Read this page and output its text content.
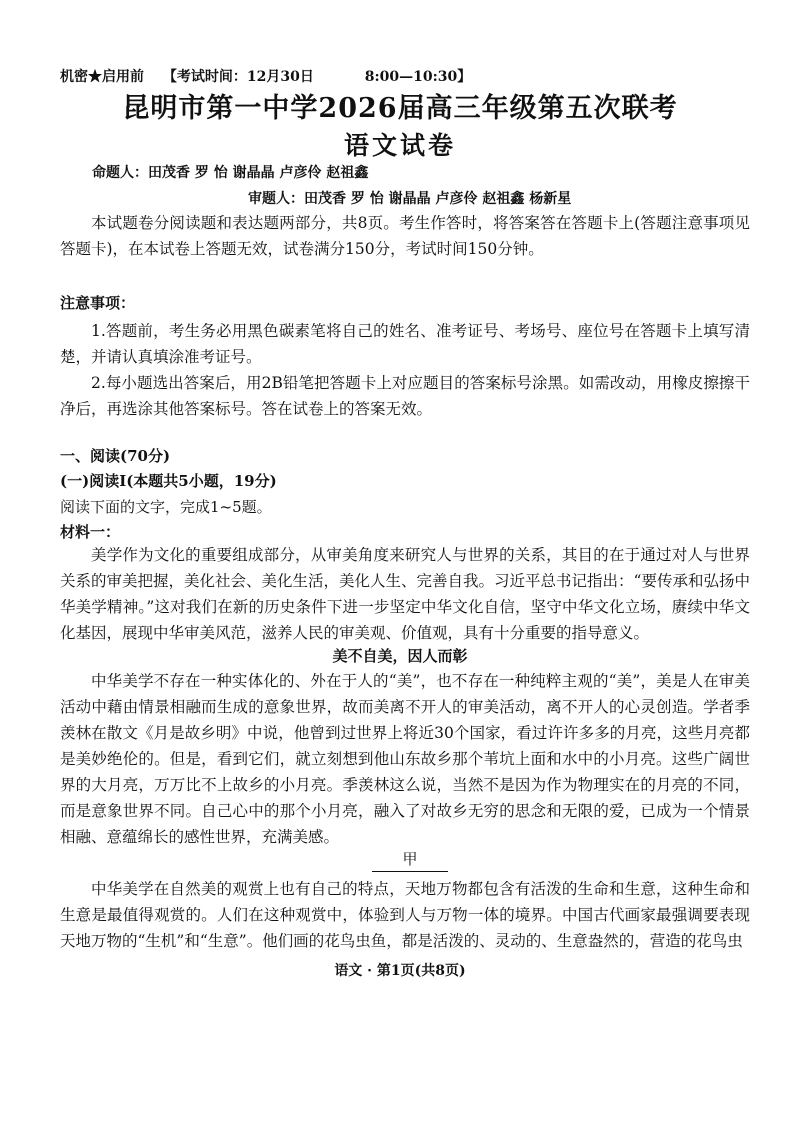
机密★启用前 【考试时间：12月30日	8:00—10:30】
昆明市第一中学2026届高三年级第五次联考
语文试卷
命题人：田茂香 罗 怡 谢晶晶 卢彦伶 赵祖鑫
审题人：田茂香 罗 怡 谢晶晶 卢彦伶 赵祖鑫 杨新星
本试题卷分阅读题和表达题两部分，共8页。考生作答时，将答案答在答题卡上(答题注意事项见答题卡)，在本试卷上答题无效，试卷满分150分，考试时间150分钟。
注意事项：
1.答题前，考生务必用黑色碳素笔将自己的姓名、准考证号、考场号、座位号在答题卡上填写清楚，并请认真填涂准考证号。
2.每小题选出答案后，用2B铅笔把答题卡上对应题目的答案标号涂黑。如需改动，用橡皮擦擦干净后，再选涂其他答案标号。答在试卷上的答案无效。
一、阅读(70分)
(一)阅读Ⅰ(本题共5小题，19分)
阅读下面的文字，完成1~5题。
材料一：
美学作为文化的重要组成部分，从审美角度来研究人与世界的关系，其目的在于通过对人与世界关系的审美把握，美化社会、美化生活，美化人生、完善自我。习近平总书记指出：“要传承和弘扬中华美学精神。”这对我们在新的历史条件下进一步坚定中华文化自信，坚守中华文化立场，赓续中华文化基因，展现中华审美风范，滋养人民的审美观、价值观，具有十分重要的指导意义。
美不自美，因人而彰
中华美学不存在一种实体化的、外在于人的“美”，也不存在一种纯粹主观的“美”，美是人在审美活动中藉由情景相融而生成的意象世界，故而美离不开人的审美活动，离不开人的心灵创造。学者季羡林在散文《月是故乡明》中说，他曾到过世界上将近30个国家，看过许许多多的月亮，这些月亮都是美妙绝伦的。但是，看到它们，就立刻想到他山东故乡那个苇坑上面和水中的小月亮。这些广阔世界的大月亮，万万比不上故乡的小月亮。季羡林这么说，当然不是因为作为物理实在的月亮的不同，而是意象世界不同。自己心中的那个小月亮，融入了对故乡无穷的思念和无限的爱，已成为一个情景相融、意蕴绵长的感性世界，充满美感。
甲
中华美学在自然美的观赏上也有自己的特点，天地万物都包含有活泼的生命和生意，这种生命和生意是最值得观赏的。人们在这种观赏中，体验到人与万物一体的境界。中国古代画家最强调要表现天地万物的“生机”和“生意”。他们画的花鸟虫鱼，都是活泼的、灵动的、生意盎然的，营造的花鸟虫
语文 · 第1页(共8页)
